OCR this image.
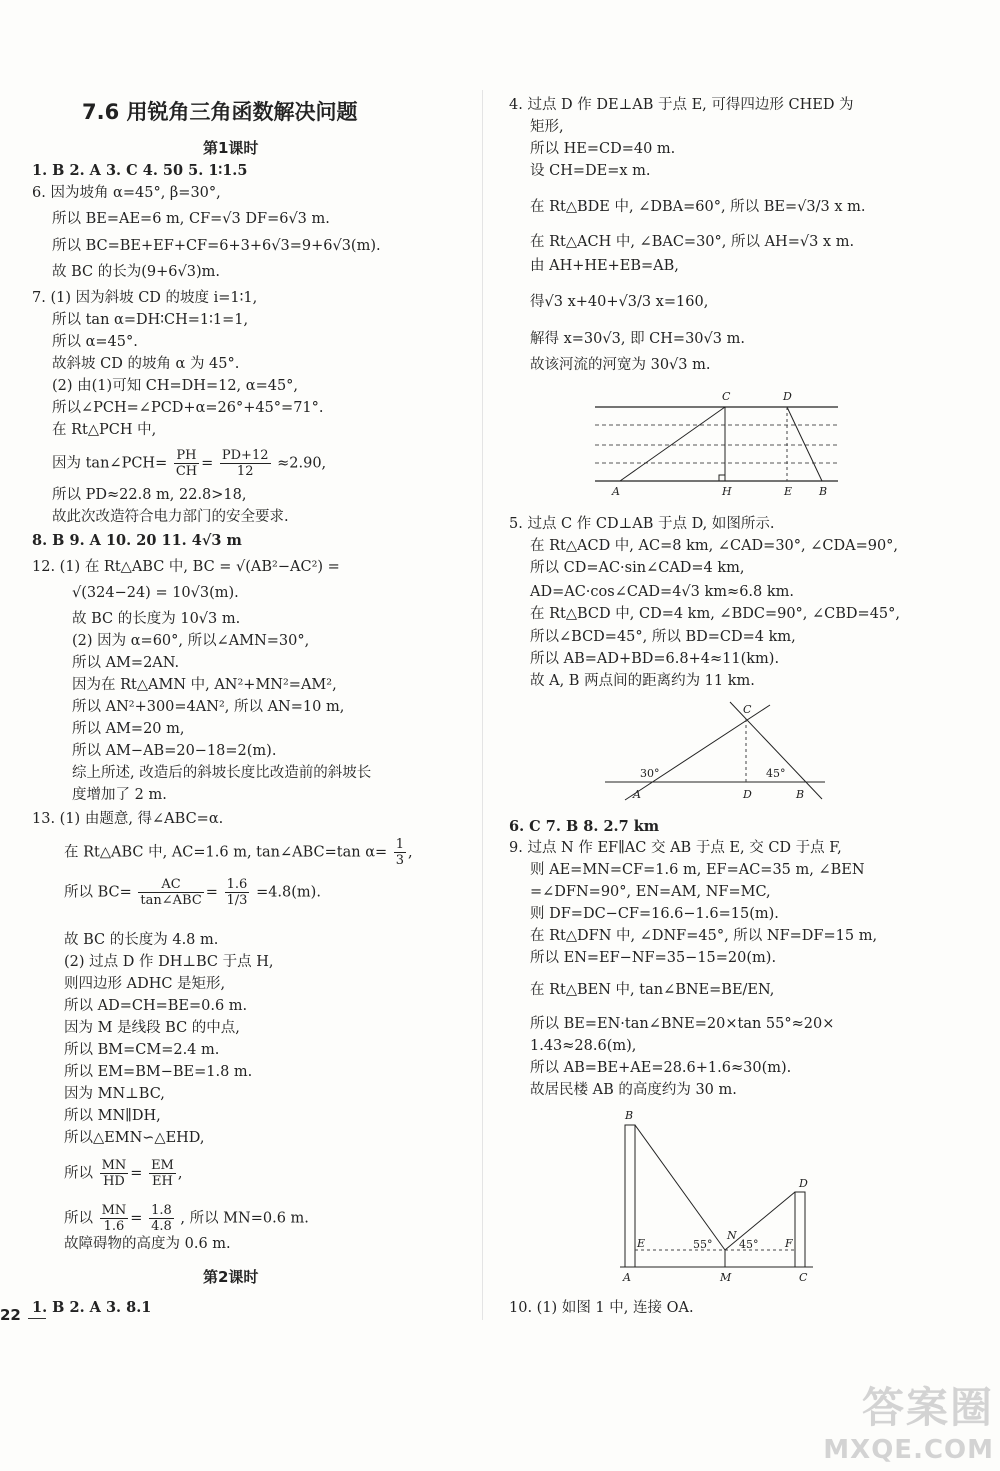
7.6 用锐角三角函数解决问题
第1课时
1. B 2. A 3. C 4. 50 5. 1∶1.5
6. 因为坡角 α=45°, β=30°,
所以 BE=AE=6 m, CF=√3 DF=6√3 m.
所以 BC=BE+EF+CF=6+3+6√3=9+6√3(m).
故 BC 的长为(9+6√3)m.
7. (1) 因为斜坡 CD 的坡度 i=1∶1,
所以 tan α=DH∶CH=1∶1=1,
所以 α=45°.
故斜坡 CD 的坡角 α 为 45°.
(2) 由(1)可知 CH=DH=12, α=45°,
所以∠PCH=∠PCD+α=26°+45°=71°.
在 Rt△PCH 中,
因为 tan∠PCH= $\frac{PH}{CH} = \frac{PD+12}{12} \approx 2.90$,
所以 PD≈22.8 m, 22.8>18,
故此次改造符合电力部门的安全要求.
8. B 9. A 10. 20 11. 4√3 m
12. (1) 在 Rt△ABC 中, BC = √(AB²−AC²) =
√(324−24) = 10√3(m).
故 BC 的长度为 10√3 m.
(2) 因为 α=60°, 所以∠AMN=30°,
所以 AM=2AN.
因为在 Rt△AMN 中, AN²+MN²=AM²,
所以 AN²+300=4AN², 所以 AN=10 m,
所以 AM=20 m,
所以 AM−AB=20−18=2(m).
综上所述, 改造后的斜坡长度比改造前的斜坡长
度增加了 2 m.
13. (1) 由题意, 得∠ABC=α.
在 Rt△ABC 中, AC=1.6 m, tan∠ABC=tan $\alpha= \frac{1}{3}$ ,
所以 $BC= \frac{AC}{\text{tan∠ABC}} = \frac{1.6}{1/3} =4.8(m)$.
故 BC 的长度为 4.8 m.
(2) 过点 D 作 DH⊥BC 于点 H,
则四边形 ADHC 是矩形,
所以 AD=CH=BE=0.6 m.
因为 M 是线段 BC 的中点,
所以 BM=CM=2.4 m.
所以 EM=BM−BE=1.8 m.
因为 MN⊥BC,
所以 MN∥DH,
所以△EMN∽△EHD,
所以 $\frac{MN}{HD} = \frac{EM}{EH}$ ,
所以 $\frac{MN}{1.6} = \frac{1.8}{4.8}$ , 所以 MN=0.6 m.
故障碍物的高度为 0.6 m.
第2课时
1. B 2. A 3. 8.1
22
4. 过点 D 作 DE⊥AB 于点 E, 可得四边形 CHED 为
矩形,
所以 HE=CD=40 m.
设 CH=DE=x m.
在 Rt△BDE 中, ∠DBA=60°, 所以 BE=√3/3 x m.
在 Rt△ACH 中, ∠BAC=30°, 所以 AH=√3 x m.
由 AH+HE+EB=AB,
得√3 x+40+√3/3 x=160,
解得 x=30√3, 即 CH=30√3 m.
故该河流的河宽为 30√3 m.
C	D
A	H	E B
5. 过点 C 作 CD⊥AB 于点 D, 如图所示.
在 Rt△ACD 中, AC=8 km, ∠CAD=30°, ∠CDA=90°,
所以 CD=AC·sin∠CAD=4 km,
AD=AC·cos∠CAD=4√3 km≈6.8 km.
在 Rt△BCD 中, CD=4 km, ∠BDC=90°, ∠CBD=45°,
所以∠BCD=45°, 所以 BD=CD=4 km,
所以 AB=AD+BD=6.8+4≈11(km).
故 A, B 两点间的距离约为 11 km.
C
A	D	B
30°	45°
6. C 7. B 8. 2.7 km
9. 过点 N 作 EF∥AC 交 AB 于点 E, 交 CD 于点 F,
则 AE=MN=CF=1.6 m, EF=AC=35 m, ∠BEN
=∠DFN=90°, EN=AM, NF=MC,
则 DF=DC−CF=16.6−1.6=15(m).
在 Rt△DFN 中, ∠DNF=45°, 所以 NF=DF=15 m,
所以 EN=EF−NF=35−15=20(m).
在 Rt△BEN 中, tan∠BNE=BE/EN,
所以 BE=EN·tan∠BNE=20×tan 55°≈20×
1.43≈28.6(m),
所以 AB=BE+AE=28.6+1.6≈30(m).
故居民楼 AB 的高度约为 30 m.
B
D
E
N
F
A	M	C
55° 45°
10. (1) 如图 1 中, 连接 OA.
答案圈
MXQE.COM
